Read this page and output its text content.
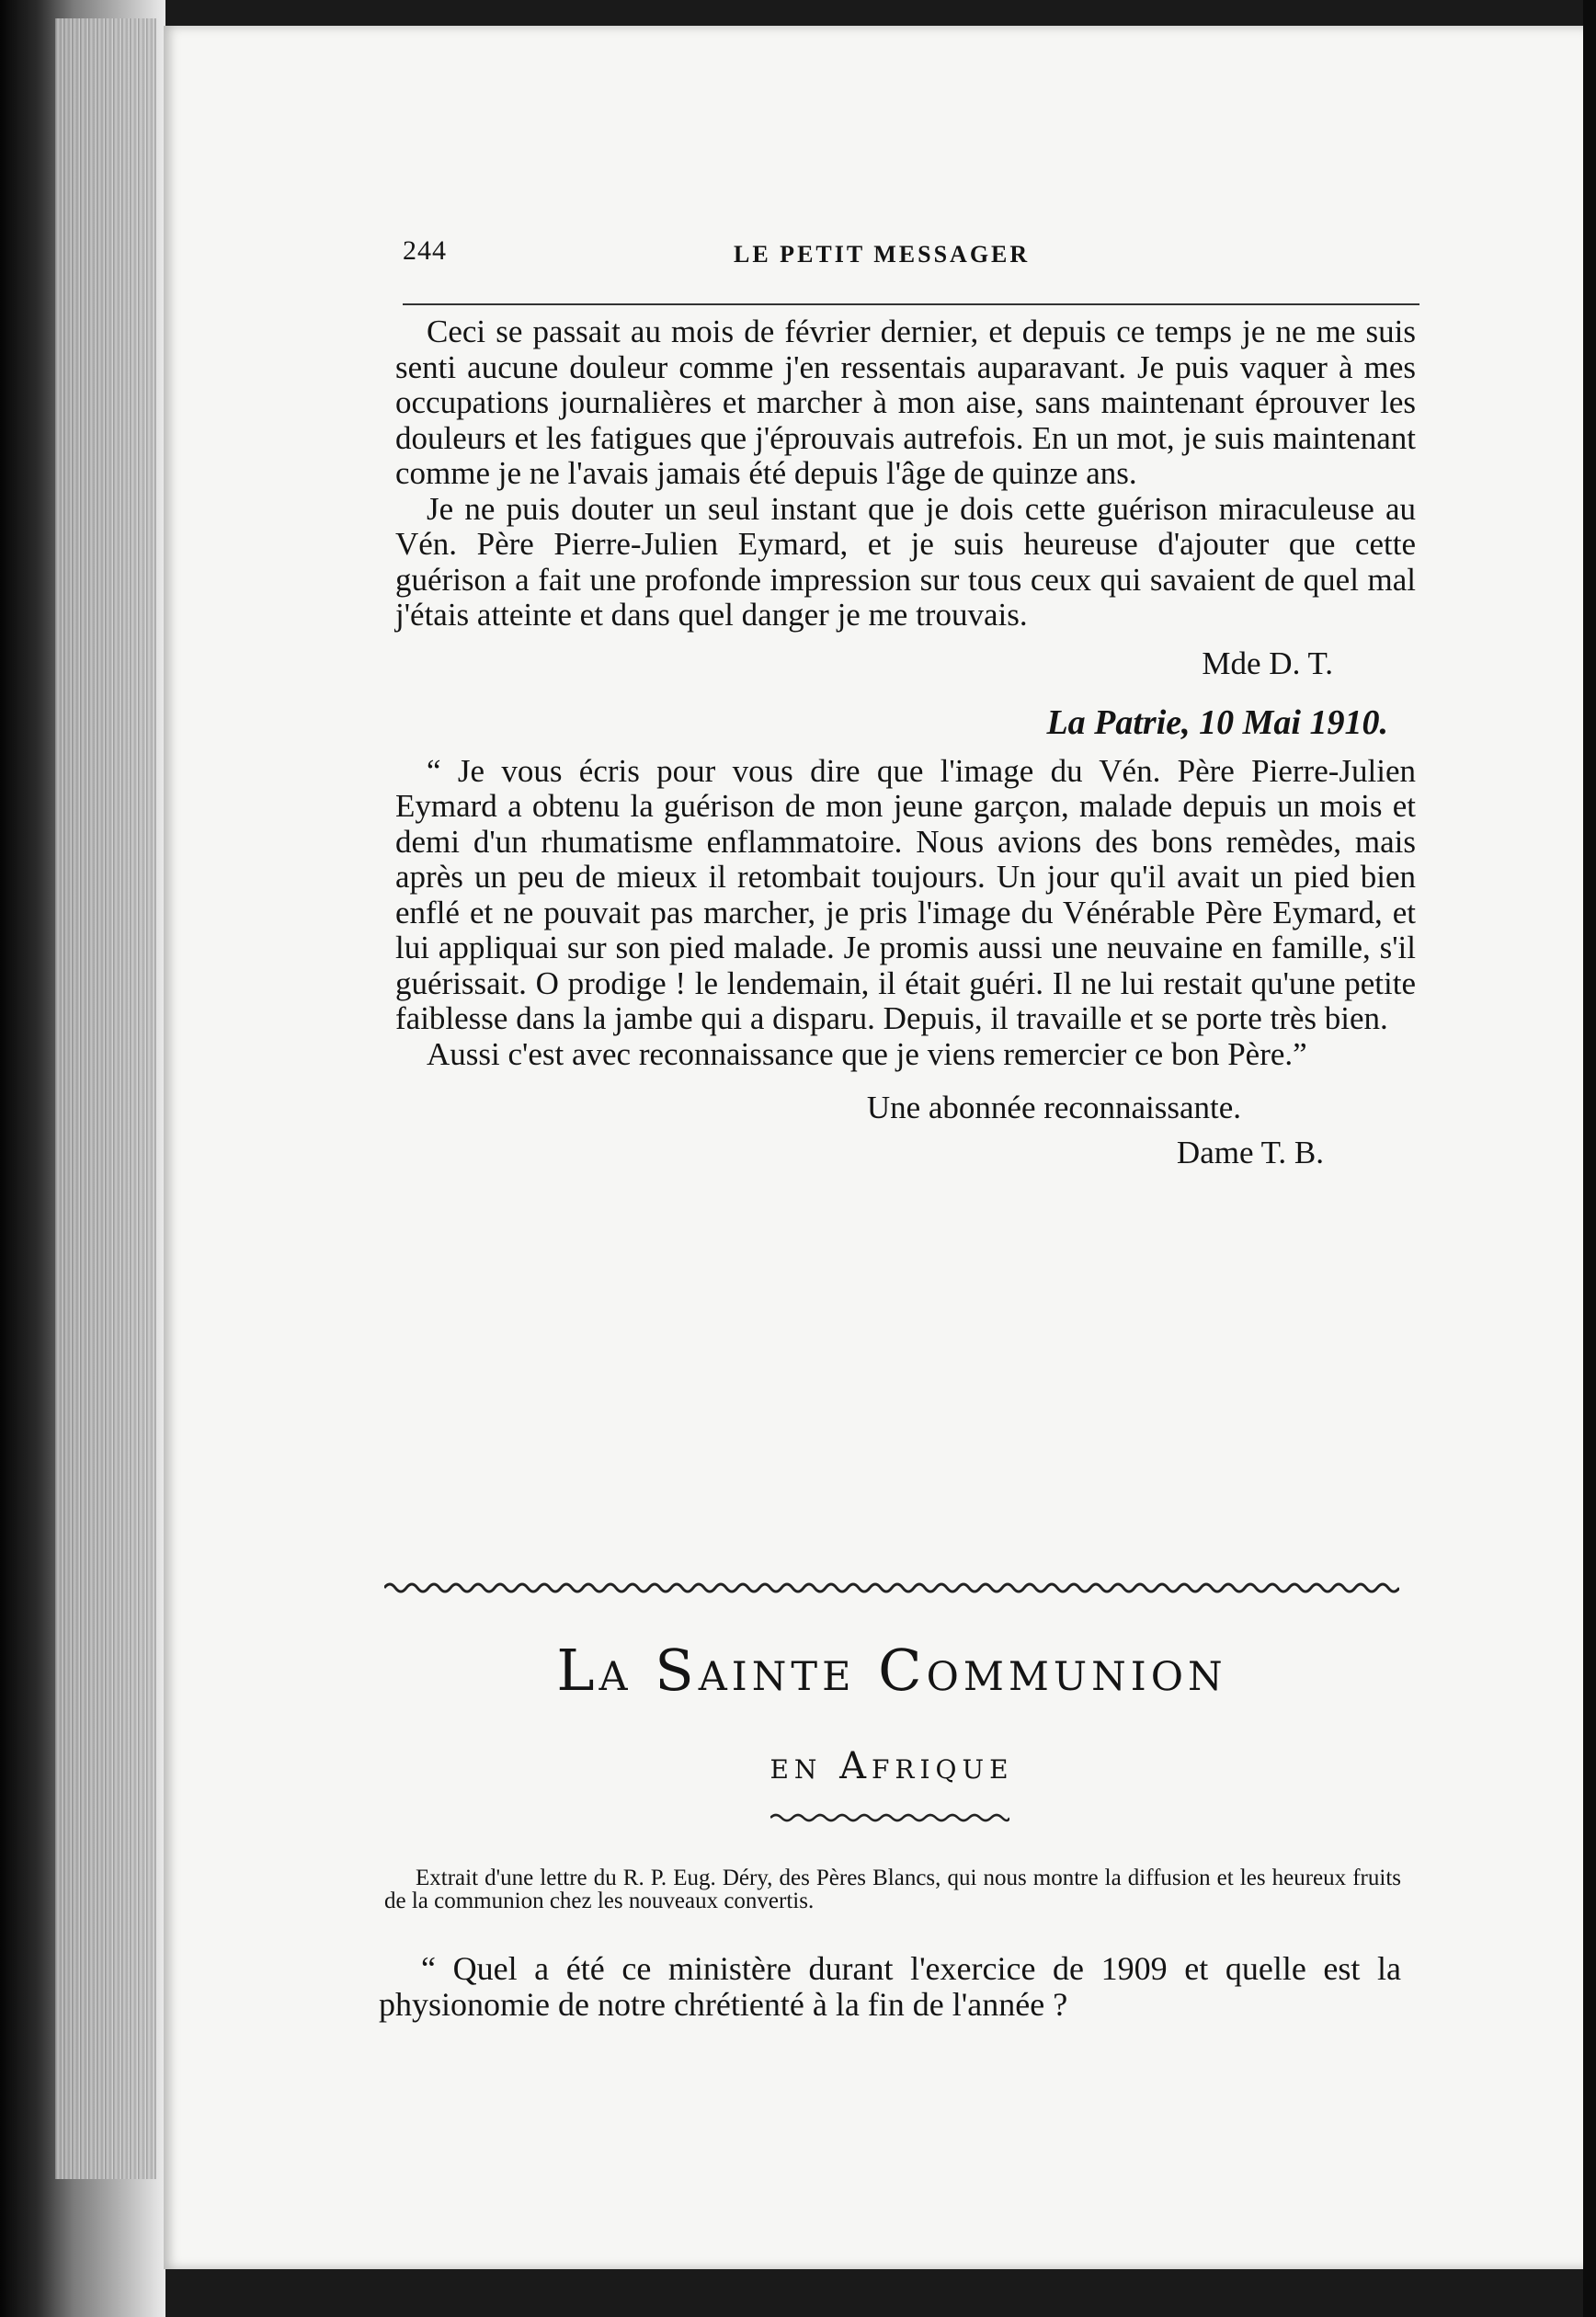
244	LE PETIT MESSAGER

Ceci se passait au mois de février dernier, et depuis ce temps je ne me suis senti aucune douleur comme j'en ressentais auparavant. Je puis vaquer à mes occupations journalières et marcher à mon aise, sans maintenant éprouver les douleurs et les fatigues que j'éprouvais autrefois. En un mot, je suis maintenant comme je ne l'avais jamais été depuis l'âge de quinze ans.

Je ne puis douter un seul instant que je dois cette guérison miraculeuse au Vén. Père Pierre-Julien Eymard, et je suis heureuse d'ajouter que cette guérison a fait une profonde impression sur tous ceux qui savaient de quel mal j'étais atteinte et dans quel danger je me trouvais.

Mde D. T.
La Patrie, 10 Mai 1910.

“ Je vous écris pour vous dire que l'image du Vén. Père Pierre-Julien Eymard a obtenu la guérison de mon jeune garçon, malade depuis un mois et demi d'un rhumatisme enflammatoire. Nous avions des bons remèdes, mais après un peu de mieux il retombait toujours. Un jour qu'il avait un pied bien enflé et ne pouvait pas marcher, je pris l'image du Vénérable Père Eymard, et lui appliquai sur son pied malade. Je promis aussi une neuvaine en famille, s'il guérissait. O prodige ! le lendemain, il était guéri. Il ne lui restait qu'une petite faiblesse dans la jambe qui a disparu. Depuis, il travaille et se porte très bien.

Aussi c'est avec reconnaissance que je viens remercier ce bon Père.”

Une abonnée reconnaissante.
Dame T. B.
La Sainte Communion
en Afrique
Extrait d'une lettre du R. P. Eug. Déry, des Pères Blancs, qui nous montre la diffusion et les heureux fruits de la communion chez les nouveaux convertis.
“ Quel a été ce ministère durant l'exercice de 1909 et quelle est la physionomie de notre chrétienté à la fin de l'année ?
